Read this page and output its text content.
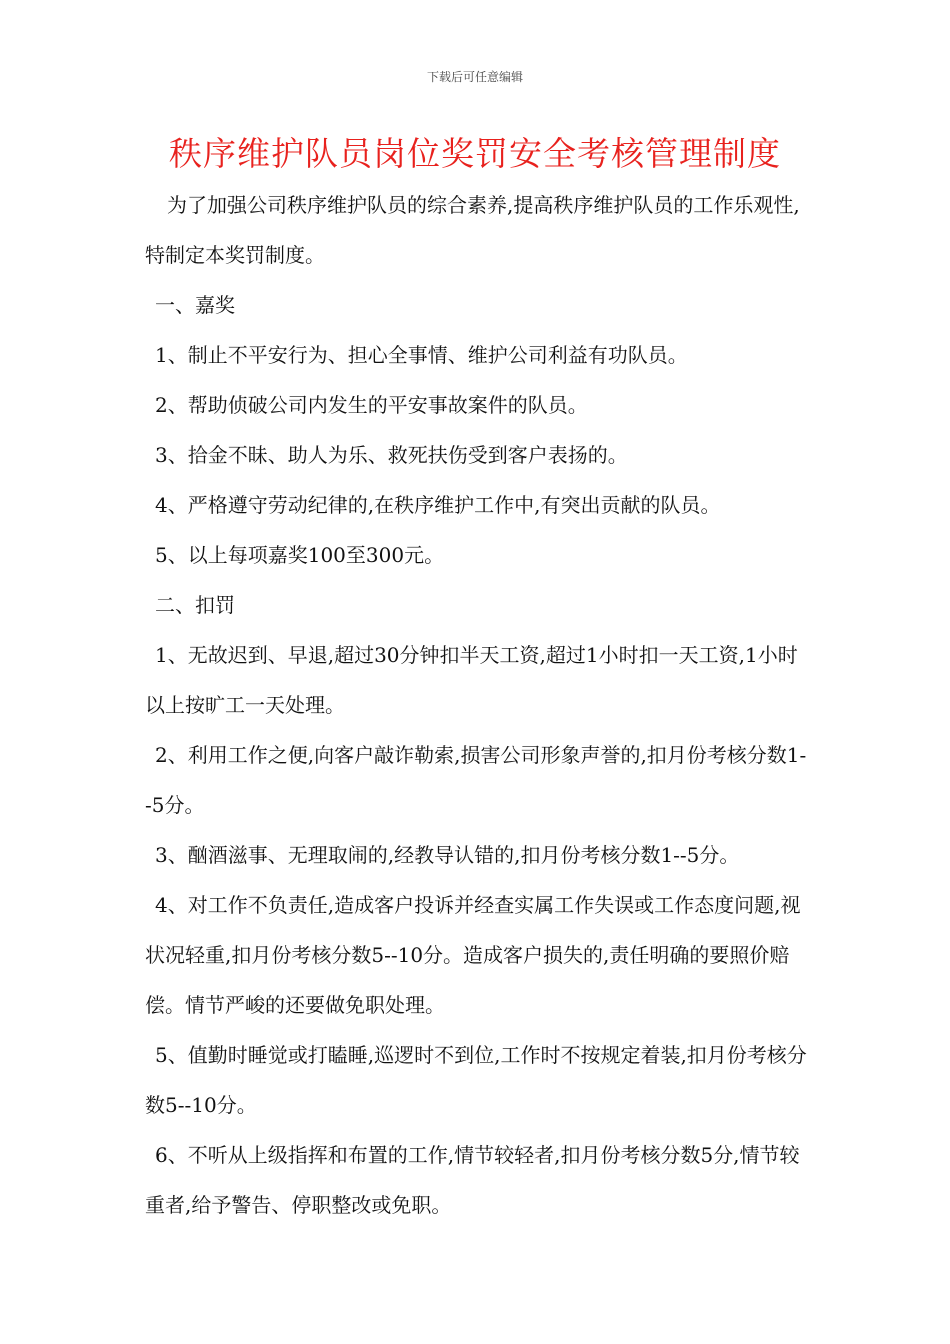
下载后可任意编辑
秩序维护队员岗位奖罚安全考核管理制度

为了加强公司秩序维护队员的综合素养,提高秩序维护队员的工作乐观性,特制定本奖罚制度。

一、嘉奖

1、制止不平安行为、担心全事情、维护公司利益有功队员。

2、帮助侦破公司内发生的平安事故案件的队员。

3、拾金不昧、助人为乐、救死扶伤受到客户表扬的。

4、严格遵守劳动纪律的,在秩序维护工作中,有突出贡献的队员。

5、以上每项嘉奖100至300元。

二、扣罚

1、无故迟到、早退,超过30分钟扣半天工资,超过1小时扣一天工资,1小时以上按旷工一天处理。

2、利用工作之便,向客户敲诈勒索,损害公司形象声誉的,扣月份考核分数1--5分。

3、酗酒滋事、无理取闹的,经教导认错的,扣月份考核分数1--5分。

4、对工作不负责任,造成客户投诉并经查实属工作失误或工作态度问题,视状况轻重,扣月份考核分数5--10分。造成客户损失的,责任明确的要照价赔偿。情节严峻的还要做免职处理。

5、值勤时睡觉或打瞌睡,巡逻时不到位,工作时不按规定着装,扣月份考核分数5--10分。

6、不听从上级指挥和布置的工作,情节较轻者,扣月份考核分数5分,情节较重者,给予警告、停职整改或免职。
